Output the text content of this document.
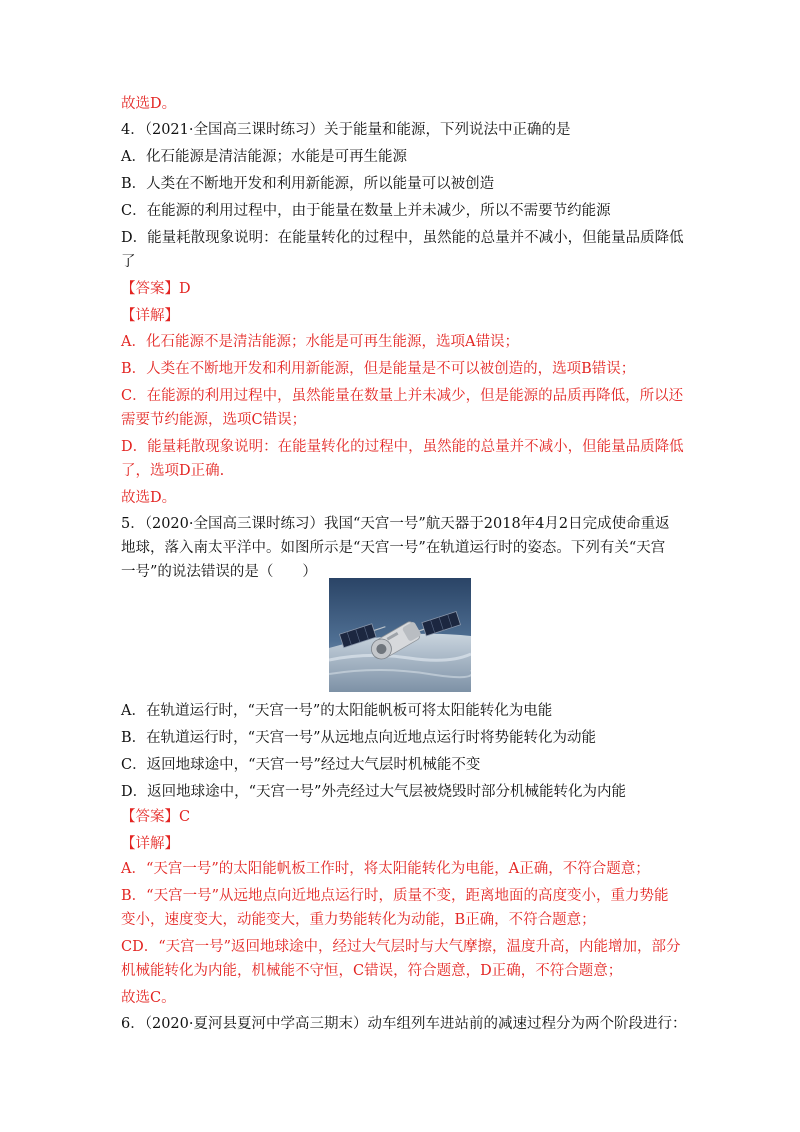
故选D。
4．（2021·全国高三课时练习）关于能量和能源，下列说法中正确的是
A．化石能源是清洁能源；水能是可再生能源
B．人类在不断地开发和利用新能源，所以能量可以被创造
C．在能源的利用过程中，由于能量在数量上并未减少，所以不需要节约能源
D．能量耗散现象说明：在能量转化的过程中，虽然能的总量并不减小，但能量品质降低
了
【答案】D
【详解】
A．化石能源不是清洁能源；水能是可再生能源，选项A错误；
B．人类在不断地开发和利用新能源，但是能量是不可以被创造的，选项B错误；
C．在能源的利用过程中，虽然能量在数量上并未减少，但是能源的品质再降低，所以还
需要节约能源，选项C错误；
D．能量耗散现象说明：在能量转化的过程中，虽然能的总量并不减小，但能量品质降低
了，选项D正确.
故选D。
5．（2020·全国高三课时练习）我国“天宫一号”航天器于2018年4月2日完成使命重返
地球，落入南太平洋中。如图所示是“天宫一号”在轨道运行时的姿态。下列有关“天宫
一号”的说法错误的是（　　）
A．在轨道运行时，“天宫一号”的太阳能帆板可将太阳能转化为电能
B．在轨道运行时，“天宫一号”从远地点向近地点运行时将势能转化为动能
C．返回地球途中，“天宫一号”经过大气层时机械能不变
D．返回地球途中，“天宫一号”外壳经过大气层被烧毁时部分机械能转化为内能
【答案】C
【详解】
A．“天宫一号”的太阳能帆板工作时，将太阳能转化为电能，A正确，不符合题意；
B．“天宫一号”从远地点向近地点运行时，质量不变，距离地面的高度变小，重力势能
变小，速度变大，动能变大，重力势能转化为动能，B正确，不符合题意；
CD．“天宫一号”返回地球途中，经过大气层时与大气摩擦，温度升高，内能增加，部分
机械能转化为内能，机械能不守恒，C错误，符合题意，D正确，不符合题意；
故选C。
6．（2020·夏河县夏河中学高三期末）动车组列车进站前的减速过程分为两个阶段进行：
